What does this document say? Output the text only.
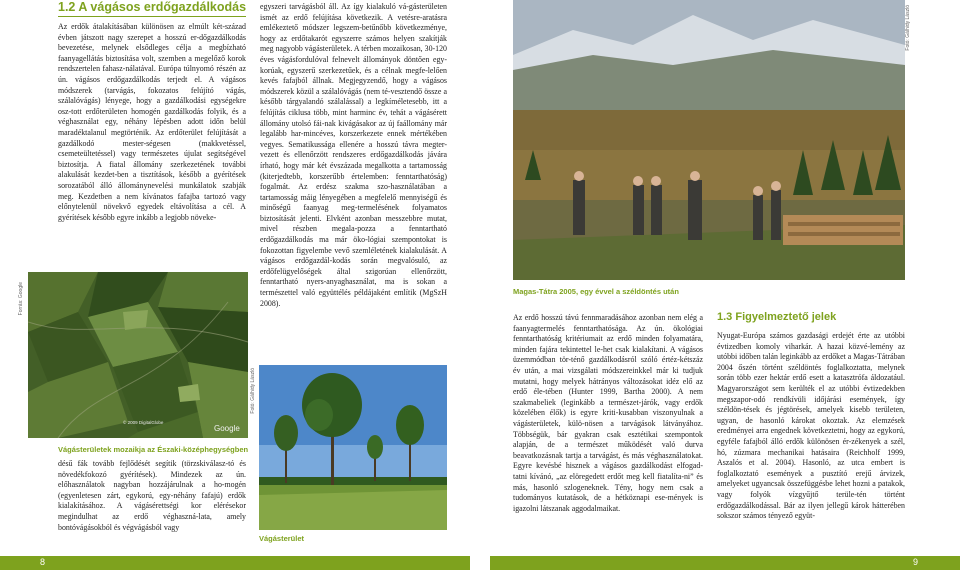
1.2 A vágásos erdőgazdálkodás
Az erdők átalakításában különösen az elmúlt két-század évben játszott nagy szerepet a hosszú er-dőgazdálkodás bevezetése, melynek elsődleges célja a megbízható faanyagellátás biztosítása volt, szemben a megelőző korok rendszertelen fahasz-nálatával. Európa túlnyomó részén az ún. vágásos erdőgazdálkodás terjedt el. A vágásos módszerek (tarvágás, fokozatos felújító vágás, szálalóvágás) lényege, hogy a gazdálkodási egységekre osz-tott erdőterületen homogén gazdálkodás folyik, és a véghasználat egy, néhány lépésben adott időn belül maradéktalanul megtörténik. Az erdőterület felújítását a gazdálkodó mester-ségesen (makkvetéssel, csemeteültetéssel) vagy természetes újulat segítségével biztosítja. A fiatal állomány szerkezetének további alakulását kezdet-ben a tisztítások, később a gyérítések sorozatából álló állománynevelési munkálatok szabják meg. Kezdetben a nem kívánatos fafajba tartozó vagy előnytelenül növekvő egyedek eltávolítása a cél. A gyérítések később egyre inkább a legjobb növeke-
© 2009 DigitalGlobe
Google
Forrás: Google
Vágásterületek mozaikja az Északi-középhegységben
désű fák tovább fejlődését segítik (törzskiválasz-tó és növedékfokozó gyérítések). Mindezek az ún. előhasználatok nagyban hozzájárulnak a ho-mogén (egyenletesen zárt, egykorú, egy-néhány fafajú) erdők kialakításához. A vágásérettségi kor elérésekor megindulhat az erdő véghaszná-lata, amely bontóvágásokból és végvágásból vagy
egyszeri tarvágásból áll. Az így kialakuló vá-gásterületen ismét az erdő felújítása következik. A vetésre-aratásra emlékeztető módszer legszem-betűnőbb következménye, hogy az erdőtakarót egyszerre számos helyen szakítják meg nagyobb vágásterületek. A térben mozaikosan, 30-120 éves vágásfordulóval felnevelt állományok döntően egy-korúak, egyszerű szerkezetűek, és a célnak megfe-lelően kevés fafajból állnak. Megjegyzendő, hogy a vágásos módszerek közül a szálalóvágás (nem té-vesztendő össze a később tárgyalandó szálalással) a legkímélete​sebb, itt a felújítás ciklusa több, mint harminc év, tehát a vágásérett állomány utolsó fái-nak kivágásakor az új faállomány már legalább har-mincéves, korszerkezete ennek mértékében vegyes. Sematikussága ellenére a hosszú távra megter-vezett és ellenőrzött rendszeres erdőgazdálkodás jávára írható, hogy már két évszázada megalkotta a tartamosság (kiterjedtebb, korszerűbb értelemben: fenntarthatóság) fogalmát. Az erdész szakma szo-használatában a tartamosság máig lényegében a megfelelő mennyiségű és minőségű faanyag meg-termelésének folyamatos biztosítását jelenti. Elvként azonban messzebbre mutat, mivel részben megala-pozza a fenntartható erdőgazdálkodás ma már öko-lógiai szempontokat is fokozottan figyelembe vevő szemléletének kialakulását. A vágásos erdőgazdál-kodás során megvalósuló, az erdőfelügyelőségek által szigorúan ellenőrzött, fenntartható nyers-anyaghasználat, ma is sokan a természettel való együttélés példájaként említik (MgSzH 2008).
Fotó: Gálhidy László
Vágásterület
8
Fotó: Gálhidy László
Magas-Tátra 2005, egy évvel a széldöntés után
Az erdő hosszú távú fennmaradásához azonban nem elég a faanyagtermelés fenntarthatósága. Az ún. ökológiai fenntarthatóság kritériumait az erdő minden folyamatára, minden fajára tekintettel le-het csak kialakítani. A vágásos üzemmódban tör-ténő gazdálkodásról szóló értéz-kétszáz év után, a mai vizsgálati módszereinkkel már ki tudjuk mutatni, hogy melyek hátrányos változásokat idéz elő az erdő éle-tében (Hunter 1999, Bartha 2000). A nem szakmabeliek (leginkább a természet-járók, vagy erdők közelében élők) is egyre kriti-kusabban viszonyulnak a vágásterületek, külö-nösen a tarvágások látványához. Többségük, bár gyakran csak esztétikai szempontok alapján, de a természet működését való durva beavatkozásnak tartja a tarvágást, és más véghasználatokat. Egyre kevésbé hisznek a vágásos gazdálkodást elfogad-tatni kívánó, „az elöregedett erdőt meg kell fiatalíta-ni” és más, hasonló szlogeneknek. Tény, hogy nem csak a tudományos kutatások, de a hétköznapi ese-mények is igazolni látszanak aggodalmaikat.
1.3 Figyelmeztető jelek
Nyugat-Európa számos gazdasági erdejét érte az utóbbi évtizedben komoly viharkár. A hazai közvé-lemény az utóbbi időben talán leginkább az erdőket a Magas-Tátrában 2004 őszén történt széldöntés foglalkoztatta, melynek során több ezer hektár erdő esett a katasztrófa áldozatául. Magyarországot sem kerülték el az utóbbi évtizedekben megszapor-odó rendkívüli időjárási események, így széldön-tések és jégtörések, amelyek kisebb területen, ugyan, de hasonló károkat okoztak. Az elemzések eredményei arra engednek következtetni, hogy az egykorú, egyféle fafajból álló erdők különösen ér-zékenyek a szél, hó, zúzmara mechanikai hatásaira (Reichholf 1999, Aszalós et al. 2004). Hasonló, az utca embert is foglalkoztató események a pusztító erejű árvizek, amelyeket ugyancsak összefüggésbe lehet hozni a patakok, vagy folyók vízgyűjtő terüle-tén történt erdőgazdálkodással. Bár az ilyen jellegű károk hátterében sokszor számos tényező együt-
9
